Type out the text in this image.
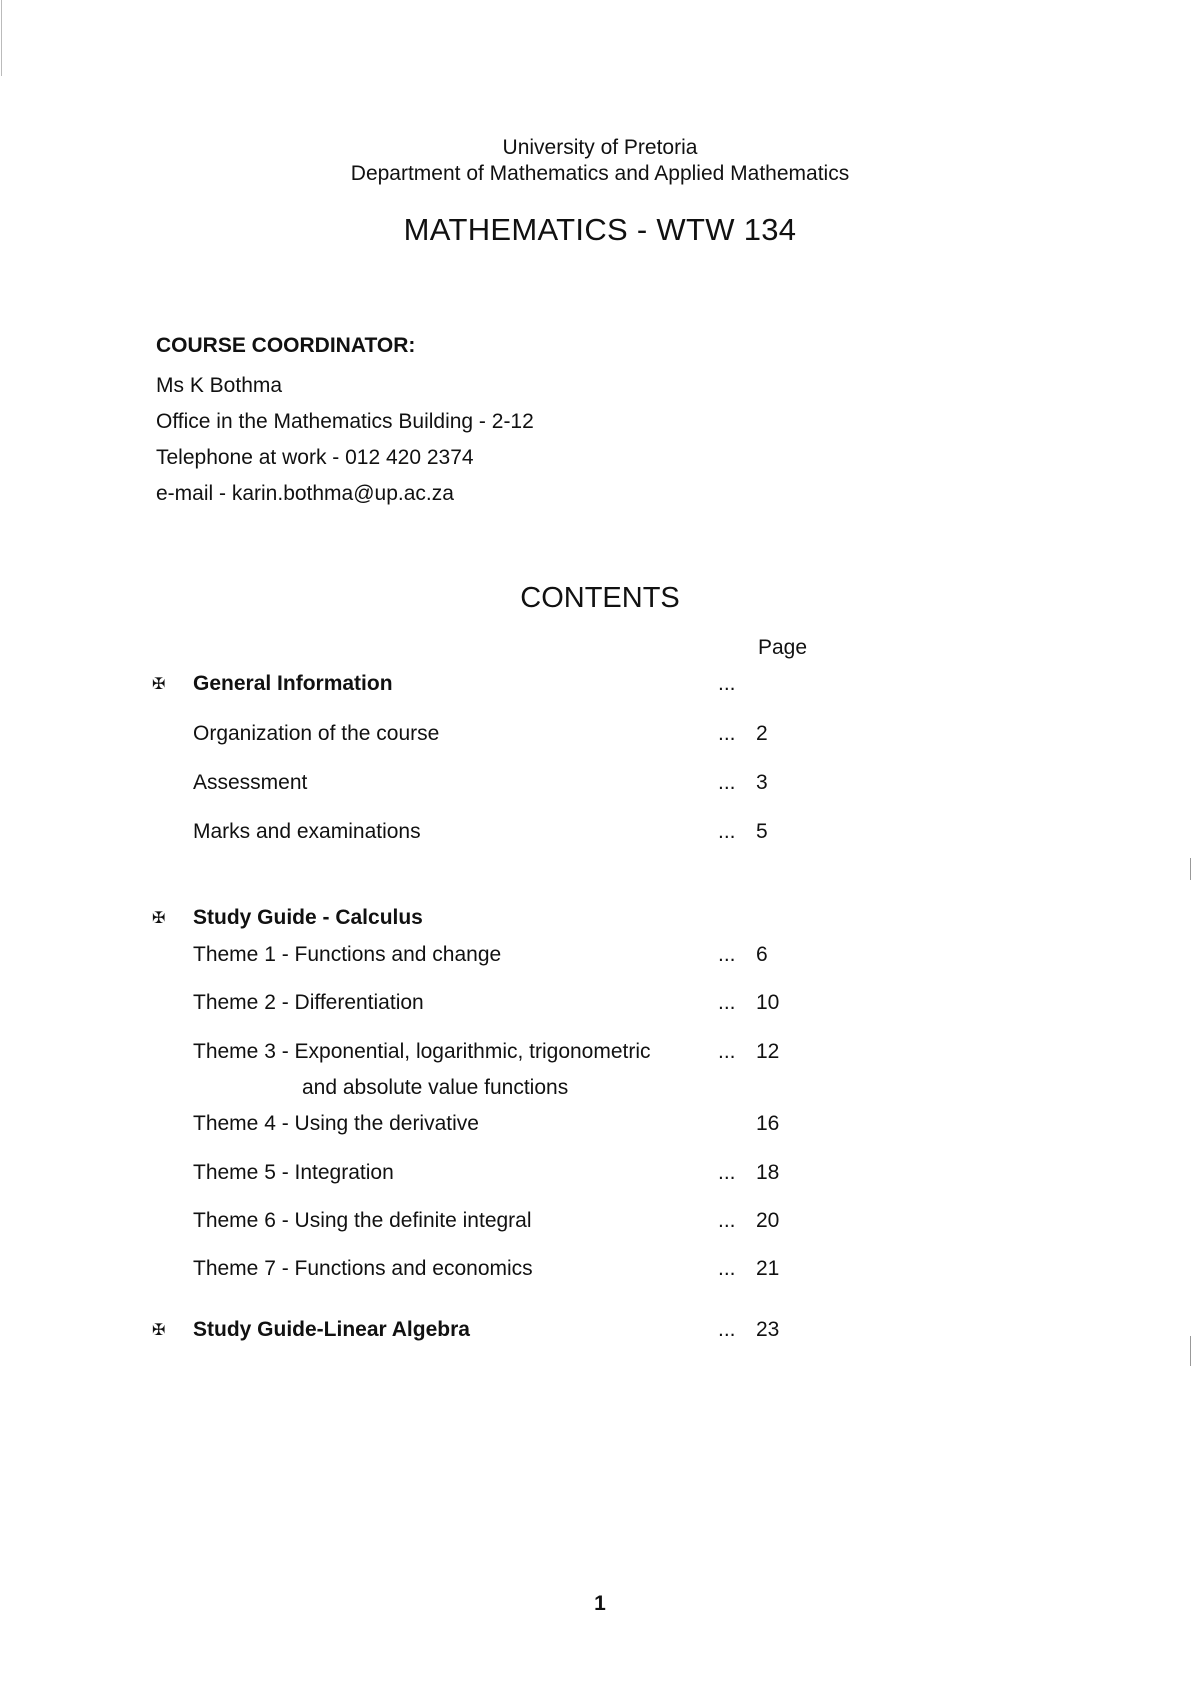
University of Pretoria
Department of Mathematics and Applied Mathematics
MATHEMATICS - WTW 134
COURSE COORDINATOR:
Ms K Bothma
Office in the Mathematics Building - 2-12
Telephone at work - 012 420 2374
e-mail - karin.bothma@up.ac.za
CONTENTS
Page
✠ General Information	...
Organization of the course	... 2
Assessment	... 3
Marks and examinations	... 5
✠ Study Guide - Calculus
Theme 1 - Functions and change	... 6
Theme 2 - Differentiation	... 10
Theme 3 - Exponential, logarithmic, trigonometric	... 12
and absolute value functions
Theme 4 - Using the derivative	16
Theme 5 - Integration	... 18
Theme 6 - Using the definite integral	... 20
Theme 7 - Functions and economics	... 21
✠ Study Guide-Linear Algebra	... 23
1
